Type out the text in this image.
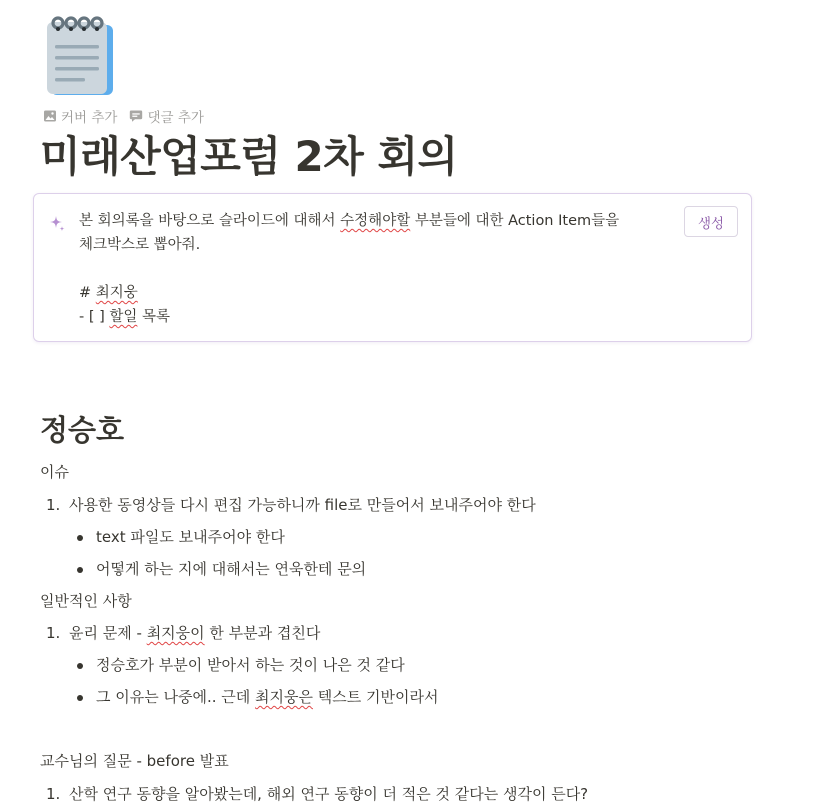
커버 추가 댓글 추가
미래산업포럼 2차 회의

본 회의록을 바탕으로 슬라이드에 대해서 수정해야할 부분들에 대한 Action Item들을

체크박스로 뽑아줘.

# 최지웅

- [ ] 할일 목록

생성
정승호
이슈
1. 사용한 동영상들 다시 편집 가능하니까 file로 만들어서 보내주어야 한다
text 파일도 보내주어야 한다
어떻게 하는 지에 대해서는 연욱한테 문의
일반적인 사항
1. 윤리 문제 - 최지웅이 한 부분과 겹친다
정승호가 부분이 받아서 하는 것이 나은 것 같다
그 이유는 나중에.. 근데 최지웅은 텍스트 기반이라서
교수님의 질문 - before 발표
1. 산학 연구 동향을 알아봤는데, 해외 연구 동향이 더 적은 것 같다는 생각이 든다?
